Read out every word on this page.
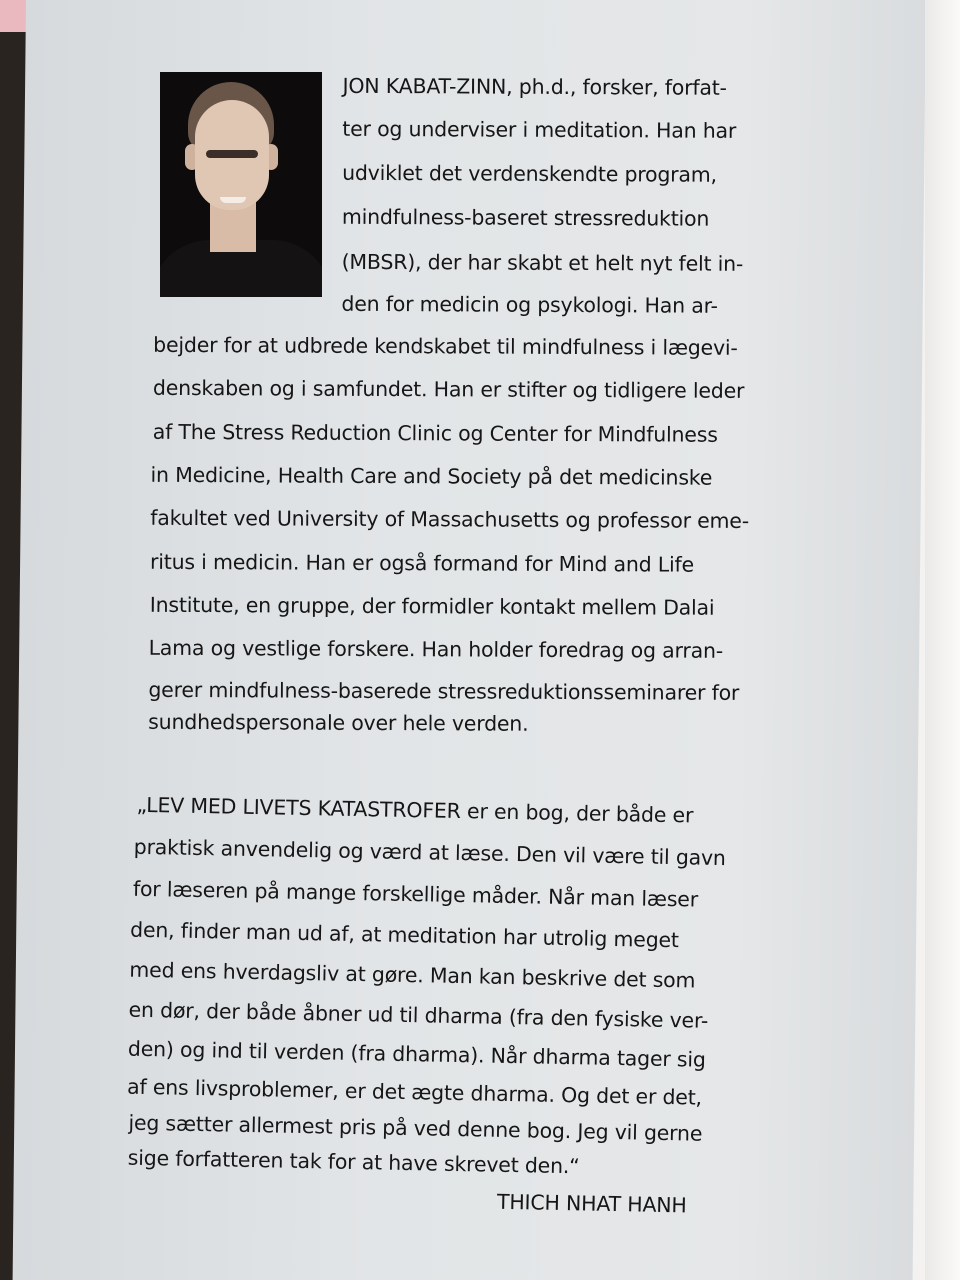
JON KABAT-ZINN, ph.d., forsker, forfat-
ter og underviser i meditation. Han har
udviklet det verdenskendte program,
mindfulness-baseret stressreduktion
(MBSR), der har skabt et helt nyt felt in-
den for medicin og psykologi. Han ar-
bejder for at udbrede kendskabet til mindfulness i lægevi-
denskaben og i samfundet. Han er stifter og tidligere leder
af The Stress Reduction Clinic og Center for Mindfulness
in Medicine, Health Care and Society på det medicinske
fakultet ved University of Massachusetts og professor eme-
ritus i medicin. Han er også formand for Mind and Life
Institute, en gruppe, der formidler kontakt mellem Dalai
Lama og vestlige forskere. Han holder foredrag og arran-
gerer mindfulness-baserede stressreduktionsseminarer for
sundhedspersonale over hele verden.
„LEV MED LIVETS KATASTROFER er en bog, der både er
praktisk anvendelig og værd at læse. Den vil være til gavn
for læseren på mange forskellige måder. Når man læser
den, finder man ud af, at meditation har utrolig meget
med ens hverdagsliv at gøre. Man kan beskrive det som
en dør, der både åbner ud til dharma (fra den fysiske ver-
den) og ind til verden (fra dharma). Når dharma tager sig
af ens livsproblemer, er det ægte dharma. Og det er det,
jeg sætter allermest pris på ved denne bog. Jeg vil gerne
sige forfatteren tak for at have skrevet den.“
THICH NHAT HANH
